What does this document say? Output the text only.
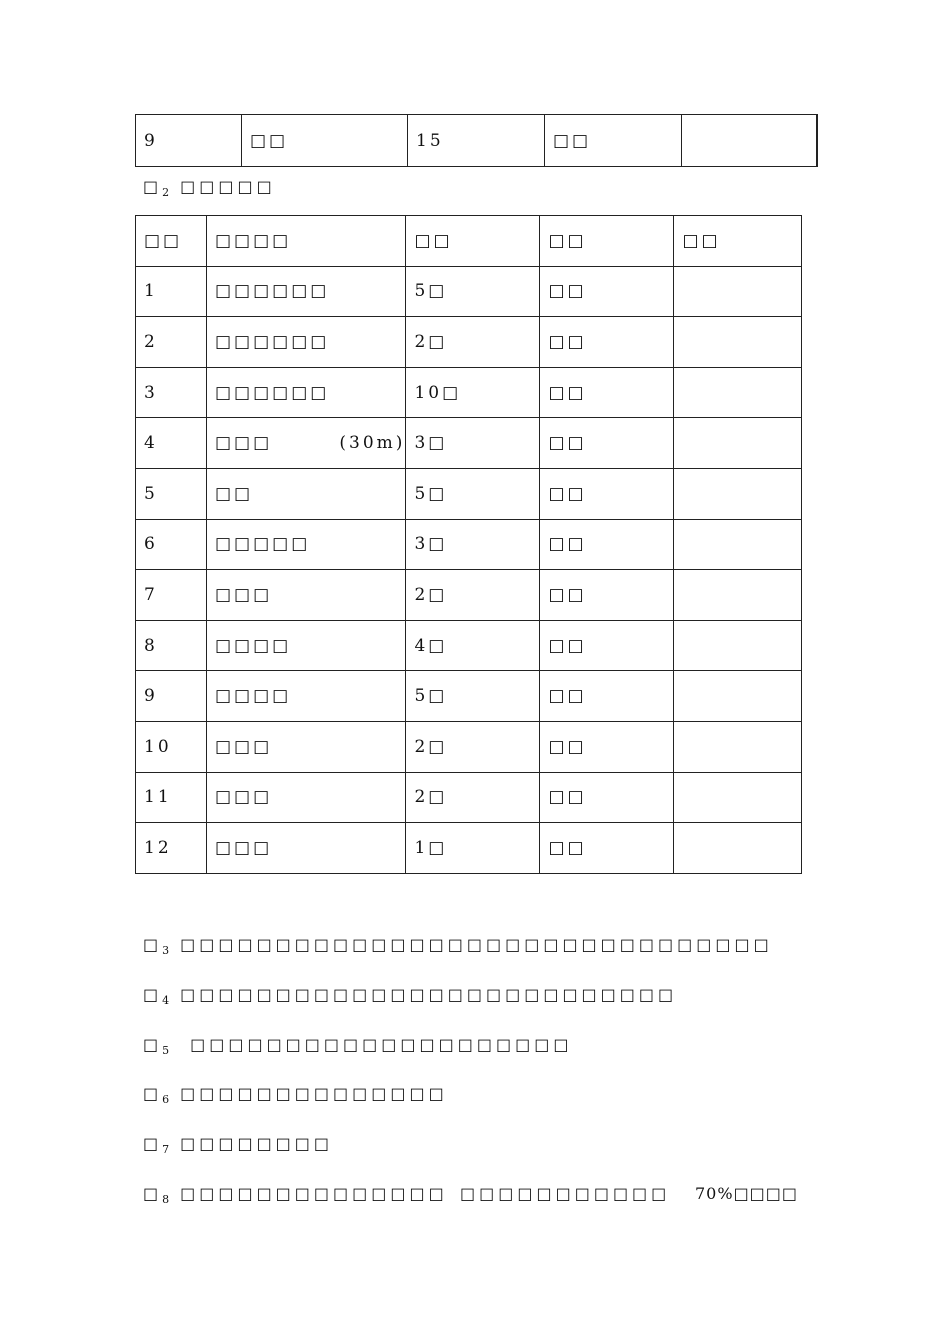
9	□□	15	□□	
$□_2$ □□□□□
□□	□□□□	□□	□□	□□
1	□□□□□□	5□	□□	
2	□□□□□□	2□	□□	
3	□□□□□□	10□	□□	
4	□□□        (30m)	3□	□□	
5	□□	5□	□□	
6	□□□□□	3□	□□	
7	□□□	2□	□□	
8	□□□□	4□	□□	
9	□□□□	5□	□□	
10	□□□	2□	□□	
11	□□□	2□	□□	
12	□□□	1□	□□	
$□_3$ □□□□□□□□□□□□□□□□□□□□□□□□□□□□□□□
$□_4$ □□□□□□□□□□□□□□□□□□□□□□□□□□
$□_5$ □□□□□□□□□□□□□□□□□□□□
$□_6$ □□□□□□□□□□□□□□
$□_7$ □□□□□□□□
$□_8$ □□□□□□□□□□□□□□ □□□□□□□□□□□ 70%□□□□
